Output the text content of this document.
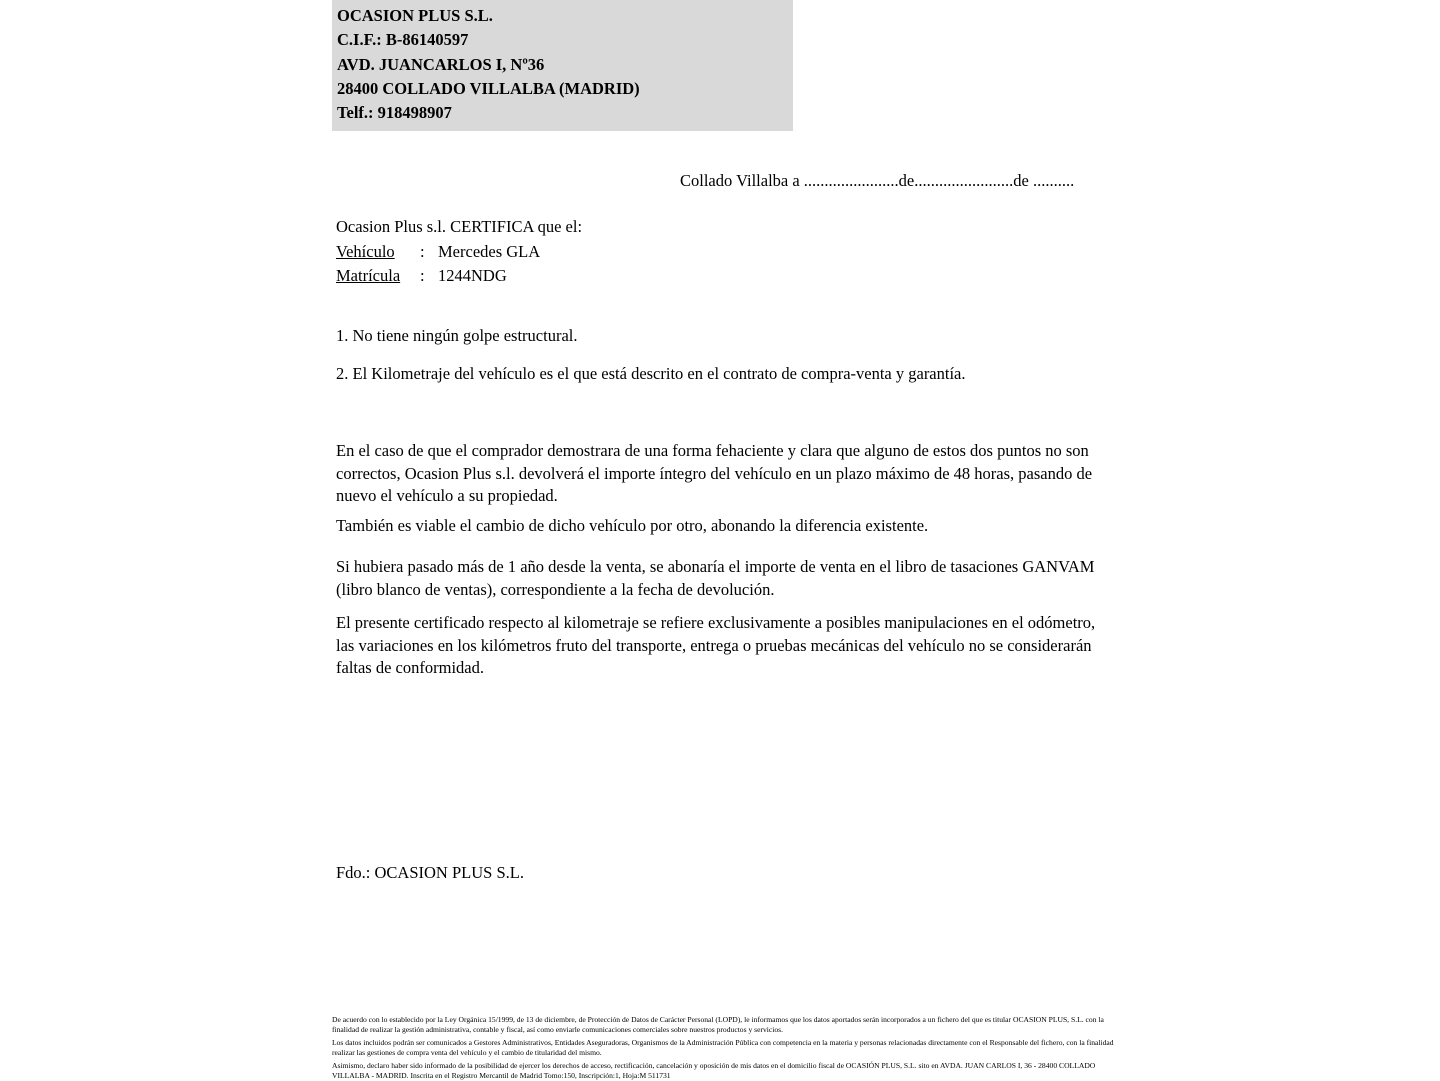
OCASION PLUS S.L.
C.I.F.: B-86140597
AVD. JUANCARLOS I, Nº36
28400 COLLADO VILLALBA (MADRID)
Telf.: 918498907
Collado Villalba a .......................de........................de ..........
Ocasion Plus s.l. CERTIFICA que el:
Vehículo : Mercedes GLA
Matrícula : 1244NDG
1. No tiene ningún golpe estructural.
2. El Kilometraje del vehículo es el que está descrito en el contrato de compra-venta y garantía.
En el caso de que el comprador demostrara de una forma fehaciente y clara que alguno de estos dos puntos no son correctos, Ocasion Plus s.l. devolverá el importe íntegro del vehículo en un plazo máximo de 48 horas, pasando de nuevo el vehículo a su propiedad.
También es viable el cambio de dicho vehículo por otro, abonando la diferencia existente.
Si hubiera pasado más de 1 año desde la venta, se abonaría el importe de venta en el libro de tasaciones GANVAM (libro blanco de ventas), correspondiente a la fecha de devolución.
El presente certificado respecto al kilometraje se refiere exclusivamente a posibles manipulaciones en el odómetro, las variaciones en los kilómetros fruto del transporte, entrega o pruebas mecánicas del vehículo no se considerarán faltas de conformidad.
Fdo.: OCASION PLUS S.L.

De acuerdo con lo establecido por la Ley Orgánica 15/1999, de 13 de diciembre, de Protección de Datos de Carácter Personal (LOPD), le informamos que los datos aportados serán incorporados a un fichero del que es titular OCASION PLUS, S.L. con la finalidad de realizar la gestión administrativa, contable y fiscal, así como enviarle comunicaciones comerciales sobre nuestros productos y servicios.

Los datos incluidos podrán ser comunicados a Gestores Administrativos, Entidades Aseguradoras, Organismos de la Administración Pública con competencia en la materia y personas relacionadas directamente con el Responsable del fichero, con la finalidad realizar las gestiones de compra venta del vehículo y el cambio de titularidad del mismo.

Asimismo, declaro haber sido informado de la posibilidad de ejercer los derechos de acceso, rectificación, cancelación y oposición de mis datos en el domicilio fiscal de OCASIÓN PLUS, S.L. sito en AVDA. JUAN CARLOS I, 36 - 28400 COLLADO VILLALBA - MADRID. Inscrita en el Registro Mercantil de Madrid Tomo:150, Inscripción:1, Hoja:M 511731
